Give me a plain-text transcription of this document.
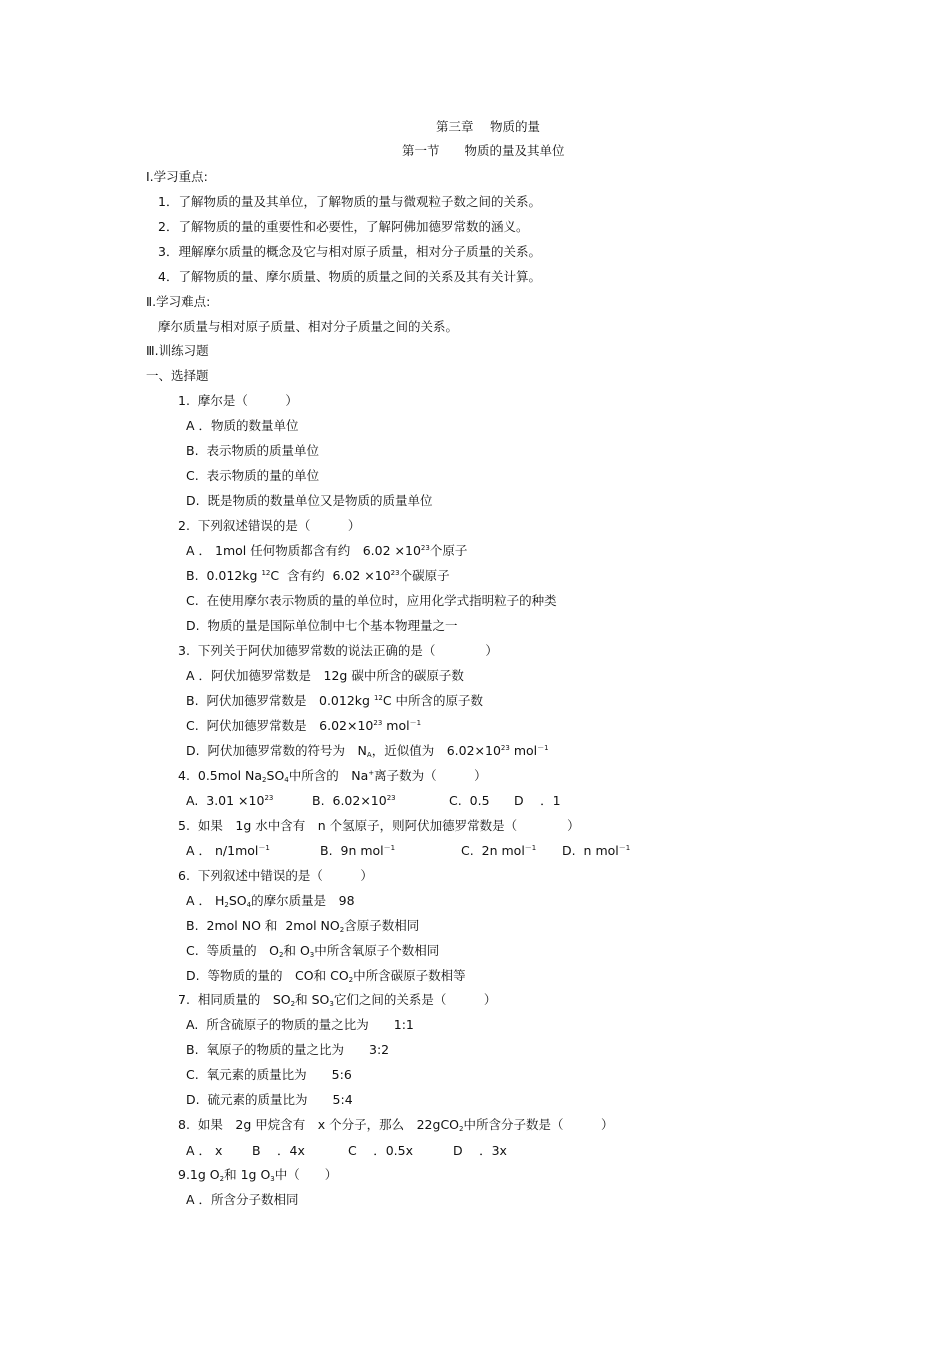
第三章　 物质的量
第一节　　物质的量及其单位
Ⅰ.学习重点:
1．了解物质的量及其单位，了解物质的量与微观粒子数之间的关系。
2．了解物质的量的重要性和必要性，了解阿佛加德罗常数的涵义。
3．理解摩尔质量的概念及它与相对原子质量，相对分子质量的关系。
4．了解物质的量、摩尔质量、物质的质量之间的关系及其有关计算。
Ⅱ.学习难点:
摩尔质量与相对原子质量、相对分子质量之间的关系。
Ⅲ.训练习题
一、选择题
1.  摩尔是（　　　）
A ．物质的数量单位
B.  表示物质的质量单位
C.  表示物质的量的单位
D.  既是物质的数量单位又是物质的质量单位
2.  下列叙述错误的是（　　　）
A ． 1mol 任何物质都含有约　$6.02 \times 10^{23}$个原子
B.  0.012kg $^{12}$C  含有约  $6.02 \times 10^{23}$个碳原子
C.  在使用摩尔表示物质的量的单位时，应用化学式指明粒子的种类
D.  物质的量是国际单位制中七个基本物理量之一
3.  下列关于阿伏加德罗常数的说法正确的是（　　　　）
A ．阿伏加德罗常数是　12g 碳中所含的碳原子数
B.  阿伏加德罗常数是　0.012kg $^{12}$C 中所含的原子数
C.  阿伏加德罗常数是　$6.02\times 10^{23}$ mol$^{-1}$
D.  阿伏加德罗常数的符号为　$N_A$，近似值为　$6.02\times 10^{23}$ mol$^{-1}$
4.  0.5mol $Na_2SO_4$中所含的　Na+离子数为（　　　）
A.  $3.01 \times 10^{23}$	B.  $6.02\times 10^{23}$	C.  0.5 D　 ．1
5.  如果　1g 水中含有　n 个氢原子，则阿伏加德罗常数是（　　　　）
A ． n/1mol$^{-1}$	B.  9n mol$^{-1}$	C.  2n mol$^{-1}$ D.  n mol$^{-1}$
6.  下列叙述中错误的是（　　　）
A ． $H_2SO_4$的摩尔质量是　98
B.  2mol NO 和  2mol $NO_2$含原子数相同
C.  等质量的　$O_2$和 $O_3$中所含氧原子个数相同
D.  等物质的量的　CO和 $CO_2$中所含碳原子数相等
7.  相同质量的　$SO_2$和 $SO_3$它们之间的关系是（　　　）
A.  所含硫原子的物质的量之比为　　1:1
B.  氧原子的物质的量之比为　　3:2
C.  氧元素的质量比为　　5:6
D.  硫元素的质量比为　　5:4
8.  如果　2g 甲烷含有　x 个分子，那么　22gCO$_2$中所含分子数是（　　　）
A ． x B　 ．4x	C　 ．0.5x	D　 ．3x
9.1g $O_2$和 1g $O_3$中（　　）
A ．所含分子数相同
